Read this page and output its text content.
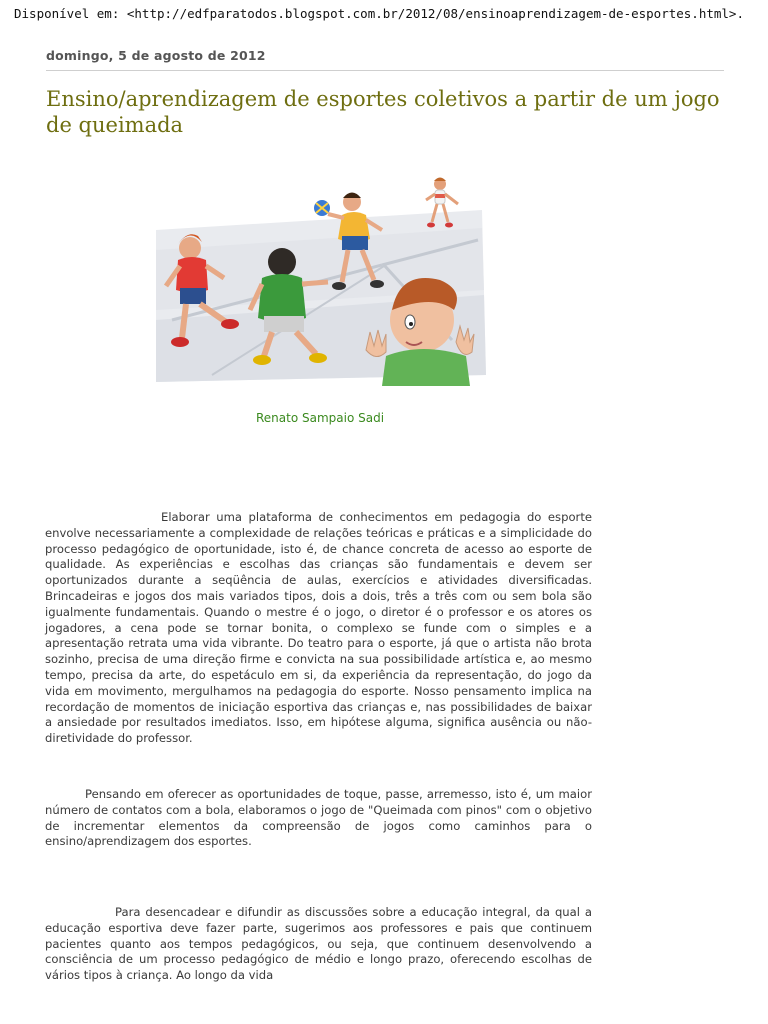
Disponível em: <http://edfparatodos.blogspot.com.br/2012/08/ensinoaprendizagem-de-esportes.html>.
domingo, 5 de agosto de 2012
Ensino/aprendizagem de esportes coletivos a partir de um jogo de queimada
Renato Sampaio Sadi

Elaborar uma plataforma de conhecimentos em pedagogia do esporte envolve necessariamente a complexidade de relações teóricas e práticas e a simplicidade do processo pedagógico de oportunidade, isto é, de chance concreta de acesso ao esporte de qualidade. As experiências e escolhas das crianças são fundamentais e devem ser oportunizados durante a seqüência de aulas, exercícios e atividades diversificadas. Brincadeiras e jogos dos mais variados tipos, dois a dois, três a três com ou sem bola são igualmente fundamentais. Quando o mestre é o jogo, o diretor é o professor e os atores os jogadores, a cena pode se tornar bonita, o complexo se funde com o simples e a apresentação retrata uma vida vibrante. Do teatro para o esporte, já que o artista não brota sozinho, precisa de uma direção firme e convicta na sua possibilidade artística e, ao mesmo tempo, precisa da arte, do espetáculo em si, da experiência da representação, do jogo da vida em movimento, mergulhamos na pedagogia do esporte. Nosso pensamento implica na recordação de momentos de iniciação esportiva das crianças e, nas possibilidades de baixar a ansiedade por resultados imediatos. Isso, em hipótese alguma, significa ausência ou não-diretividade do professor.

Pensando em oferecer as oportunidades de toque, passe, arremesso, isto é, um maior número de contatos com a bola, elaboramos o jogo de "Queimada com pinos" com o objetivo de incrementar elementos da compreensão de jogos como caminhos para o ensino/aprendizagem dos esportes.

Para desencadear e difundir as discussões sobre a educação integral, da qual a educação esportiva deve fazer parte, sugerimos aos professores e pais que continuem pacientes quanto aos tempos pedagógicos, ou seja, que continuem desenvolvendo a consciência de um processo pedagógico de médio e longo prazo, oferecendo escolhas de vários tipos à criança. Ao longo da vida
